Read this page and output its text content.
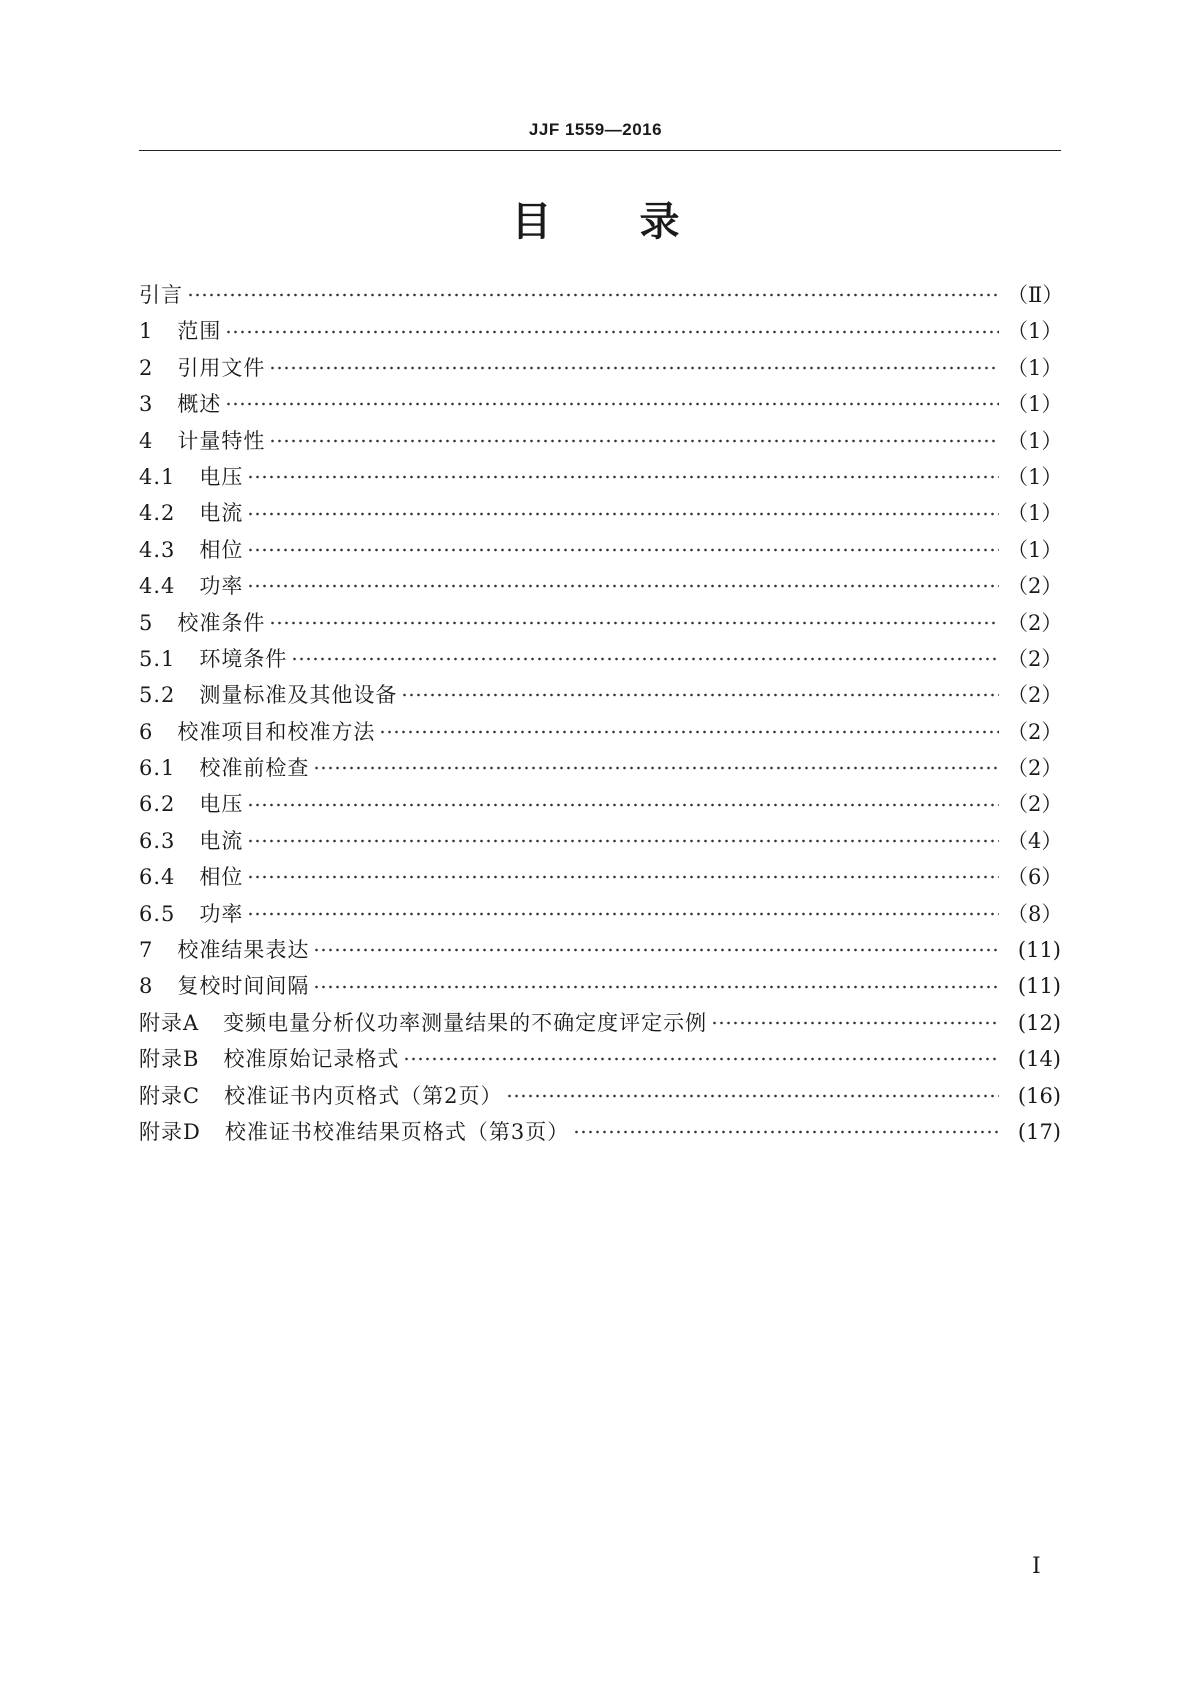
JJF 1559—2016
目 录
引言	（Ⅱ）
1 范围	（1）
2 引用文件	（1）
3 概述	（1）
4 计量特性	（1）
4.1 电压	（1）
4.2 电流	（1）
4.3 相位	（1）
4.4 功率	（2）
5 校准条件	（2）
5.1 环境条件	（2）
5.2 测量标准及其他设备	（2）
6 校准项目和校准方法	（2）
6.1 校准前检查	（2）
6.2 电压	（2）
6.3 电流	（4）
6.4 相位	（6）
6.5 功率	（8）
7 校准结果表达	(11)
8 复校时间间隔	(11)
附录A 变频电量分析仪功率测量结果的不确定度评定示例	(12)
附录B 校准原始记录格式	(14)
附录C 校准证书内页格式（第2页）	(16)
附录D 校准证书校准结果页格式（第3页）	(17)
I
